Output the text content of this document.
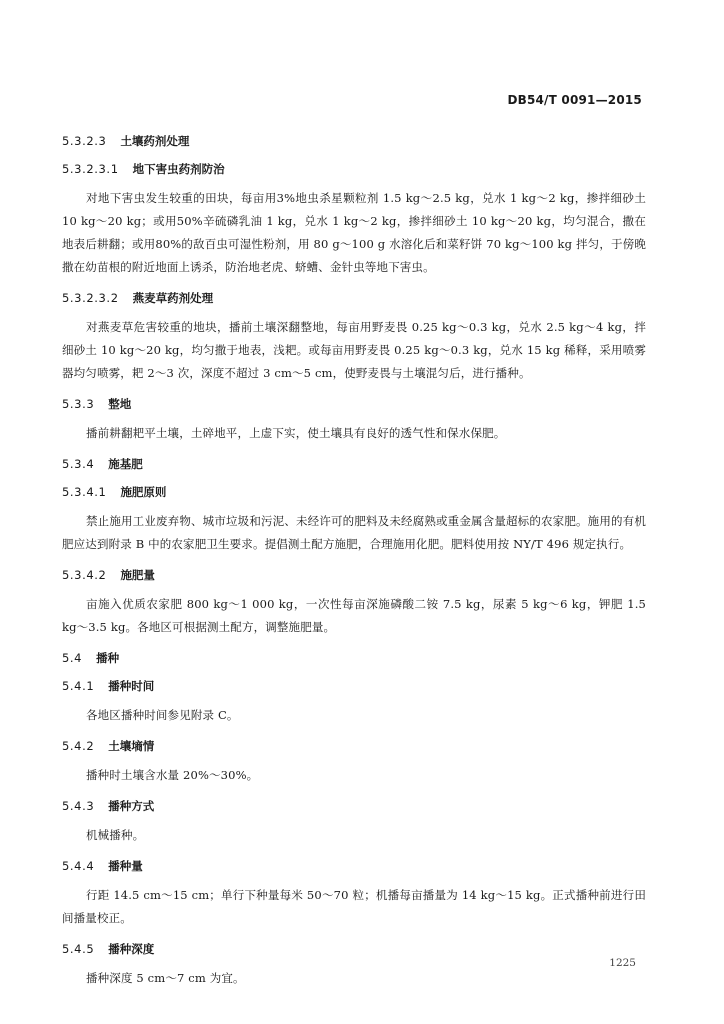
DB54/T 0091—2015
5.3.2.3 土壤药剂处理
5.3.2.3.1 地下害虫药剂防治

对地下害虫发生较重的田块，每亩用3%地虫杀星颗粒剂 1.5 kg～2.5 kg，兑水 1 kg～2 kg，掺拌细砂土 10 kg～20 kg；或用50%辛硫磷乳油 1 kg，兑水 1 kg～2 kg，掺拌细砂土 10 kg～20 kg，均匀混合，撒在地表后耕翻；或用80%的敌百虫可湿性粉剂，用 80 g～100 g 水溶化后和菜籽饼 70 kg～100 kg 拌匀，于傍晚撒在幼苗根的附近地面上诱杀，防治地老虎、蛴螬、金针虫等地下害虫。

5.3.2.3.2 燕麦草药剂处理

对燕麦草危害较重的地块，播前土壤深翻整地，每亩用野麦畏 0.25 kg～0.3 kg，兑水 2.5 kg～4 kg，拌细砂土 10 kg～20 kg，均匀撒于地表，浅耙。或每亩用野麦畏 0.25 kg～0.3 kg，兑水 15 kg 稀释，采用喷雾器均匀喷雾，耙 2～3 次，深度不超过 3 cm～5 cm，使野麦畏与土壤混匀后，进行播种。

5.3.3 整地

播前耕翻耙平土壤，土碎地平，上虚下实，使土壤具有良好的透气性和保水保肥。

5.3.4 施基肥
5.3.4.1 施肥原则

禁止施用工业废弃物、城市垃圾和污泥、未经许可的肥料及未经腐熟或重金属含量超标的农家肥。施用的有机肥应达到附录 B 中的农家肥卫生要求。提倡测土配方施肥，合理施用化肥。肥料使用按 NY/T 496 规定执行。

5.3.4.2 施肥量

亩施入优质农家肥 800 kg～1 000 kg，一次性每亩深施磷酸二铵 7.5 kg，尿素 5 kg～6 kg，钾肥 1.5 kg～3.5 kg。各地区可根据测土配方，调整施肥量。

5.4 播种
5.4.1 播种时间

各地区播种时间参见附录 C。

5.4.2 土壤墒情

播种时土壤含水量 20%～30%。

5.4.3 播种方式

机械播种。

5.4.4 播种量

行距 14.5 cm～15 cm；单行下种量每米 50～70 粒；机播每亩播量为 14 kg～15 kg。正式播种前进行田间播量校正。

5.4.5 播种深度

播种深度 5 cm～7 cm 为宜。

1225
